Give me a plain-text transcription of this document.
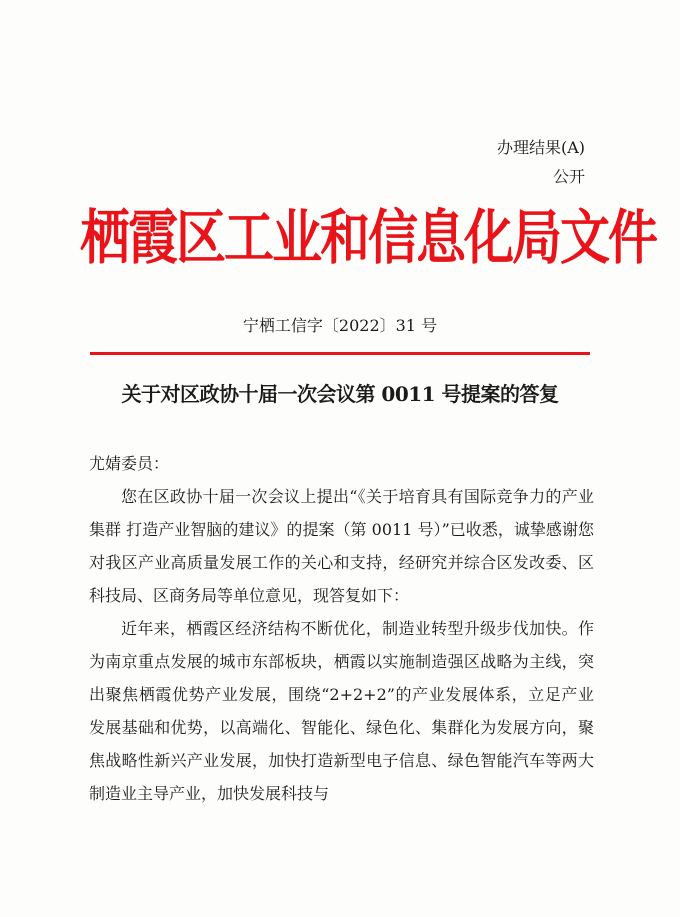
办理结果(A)
公开
栖霞区工业和信息化局文件
宁栖工信字〔2022〕31 号
关于对区政协十届一次会议第 0011 号提案的答复
尤婧委员：
您在区政协十届一次会议上提出“《关于培育具有国际竞争力的产业集群 打造产业智脑的建议》的提案（第 0011 号）”已收悉，诚挚感谢您对我区产业高质量发展工作的关心和支持，经研究并综合区发改委、区科技局、区商务局等单位意见，现答复如下：
近年来，栖霞区经济结构不断优化，制造业转型升级步伐加快。作为南京重点发展的城市东部板块，栖霞以实施制造强区战略为主线，突出聚焦栖霞优势产业发展，围绕“2+2+2”的产业发展体系，立足产业发展基础和优势，以高端化、智能化、绿色化、集群化为发展方向，聚焦战略性新兴产业发展，加快打造新型电子信息、绿色智能汽车等两大制造业主导产业，加快发展科技与
